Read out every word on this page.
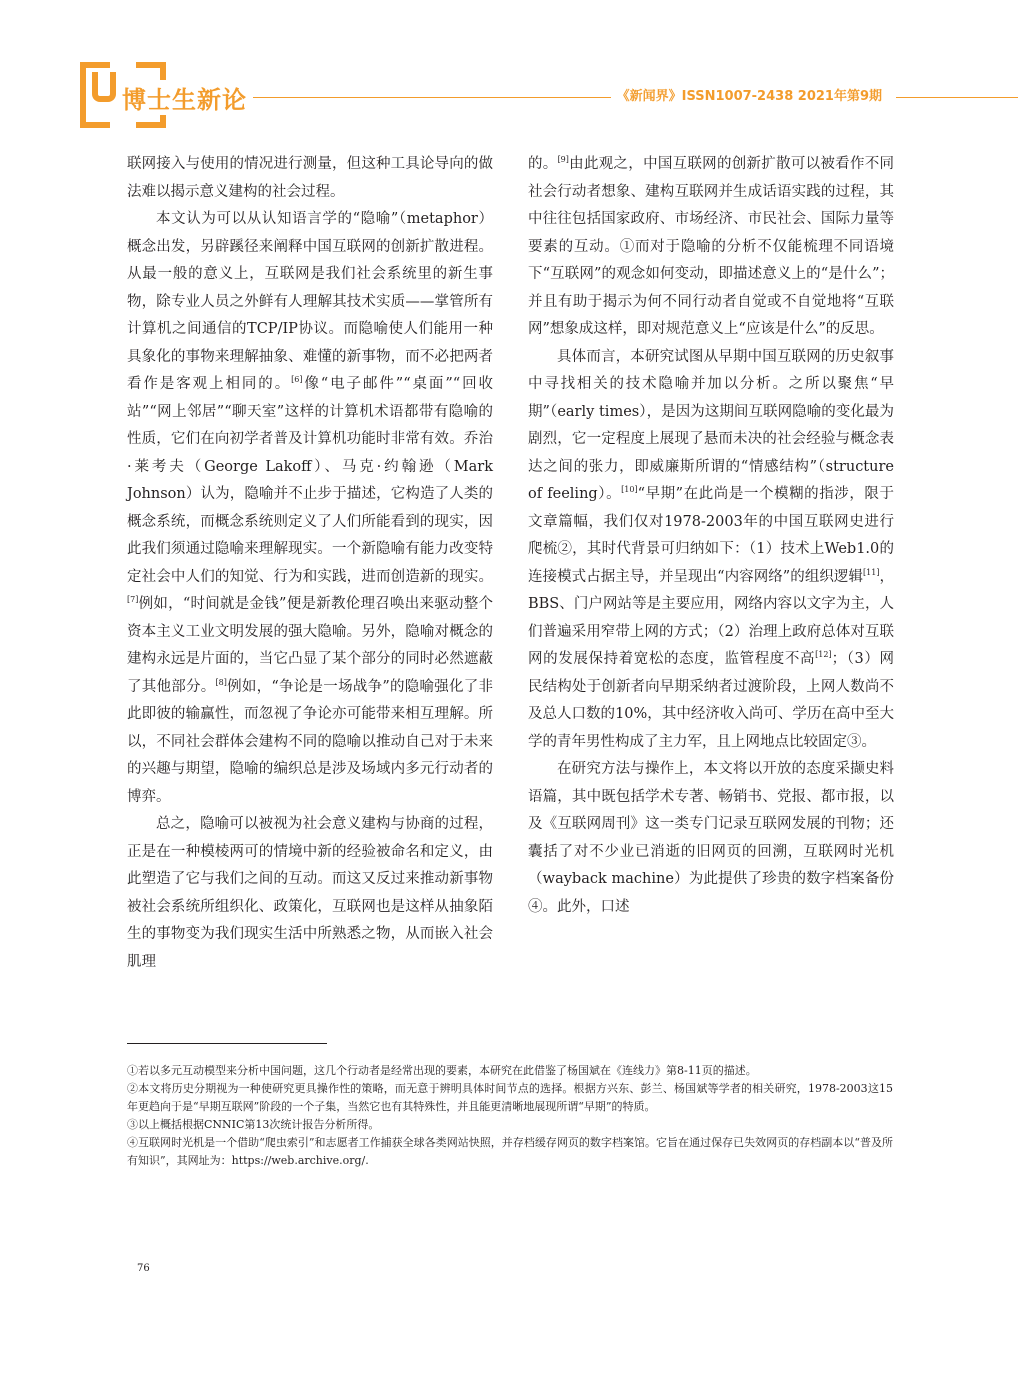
博士生新论	《新闻界》ISSN1007-2438 2021年第9期

联网接入与使用的情况进行测量，但这种工具论导向的做法难以揭示意义建构的社会过程。

本文认为可以从认知语言学的“隐喻”（metaphor）概念出发，另辟蹊径来阐释中国互联网的创新扩散进程。从最一般的意义上，互联网是我们社会系统里的新生事物，除专业人员之外鲜有人理解其技术实质——掌管所有计算机之间通信的TCP/IP协议。而隐喻使人们能用一种具象化的事物来理解抽象、难懂的新事物，而不必把两者看作是客观上相同的。[6]像“电子邮件”“桌面”“回收站”“网上邻居”“聊天室”这样的计算机术语都带有隐喻的性质，它们在向初学者普及计算机功能时非常有效。乔治·莱考夫（George Lakoff）、马克·约翰逊（Mark Johnson）认为，隐喻并不止步于描述，它构造了人类的概念系统，而概念系统则定义了人们所能看到的现实，因此我们须通过隐喻来理解现实。一个新隐喻有能力改变特定社会中人们的知觉、行为和实践，进而创造新的现实。[7]例如，“时间就是金钱”便是新教伦理召唤出来驱动整个资本主义工业文明发展的强大隐喻。另外，隐喻对概念的建构永远是片面的，当它凸显了某个部分的同时必然遮蔽了其他部分。[8]例如，“争论是一场战争”的隐喻强化了非此即彼的输赢性，而忽视了争论亦可能带来相互理解。所以，不同社会群体会建构不同的隐喻以推动自己对于未来的兴趣与期望，隐喻的编织总是涉及场域内多元行动者的博弈。

总之，隐喻可以被视为社会意义建构与协商的过程，正是在一种模棱两可的情境中新的经验被命名和定义，由此塑造了它与我们之间的互动。而这又反过来推动新事物被社会系统所组织化、政策化，互联网也是这样从抽象陌生的事物变为我们现实生活中所熟悉之物，从而嵌入社会肌理

的。[9]由此观之，中国互联网的创新扩散可以被看作不同社会行动者想象、建构互联网并生成话语实践的过程，其中往往包括国家政府、市场经济、市民社会、国际力量等要素的互动。①而对于隐喻的分析不仅能梳理不同语境下“互联网”的观念如何变动，即描述意义上的“是什么”；并且有助于揭示为何不同行动者自觉或不自觉地将“互联网”想象成这样，即对规范意义上“应该是什么”的反思。

具体而言，本研究试图从早期中国互联网的历史叙事中寻找相关的技术隐喻并加以分析。之所以聚焦“早期”（early times），是因为这期间互联网隐喻的变化最为剧烈，它一定程度上展现了悬而未决的社会经验与概念表达之间的张力，即威廉斯所谓的“情感结构”（structure of feeling）。[10]“早期”在此尚是一个模糊的指涉，限于文章篇幅，我们仅对1978-2003年的中国互联网史进行爬梳②，其时代背景可归纳如下：（1）技术上Web1.0的连接模式占据主导，并呈现出“内容网络”的组织逻辑[11]，BBS、门户网站等是主要应用，网络内容以文字为主，人们普遍采用窄带上网的方式；（2）治理上政府总体对互联网的发展保持着宽松的态度，监管程度不高[12]；（3）网民结构处于创新者向早期采纳者过渡阶段，上网人数尚不及总人口数的10%，其中经济收入尚可、学历在高中至大学的青年男性构成了主力军，且上网地点比较固定③。

在研究方法与操作上，本文将以开放的态度采撷史料语篇，其中既包括学术专著、畅销书、党报、都市报，以及《互联网周刊》这一类专门记录互联网发展的刊物；还囊括了对不少业已消逝的旧网页的回溯，互联网时光机（wayback machine）为此提供了珍贵的数字档案备份④。此外，口述

①若以多元互动模型来分析中国问题，这几个行动者是经常出现的要素，本研究在此借鉴了杨国斌在《连线力》第8-11页的描述。

②本文将历史分期视为一种使研究更具操作性的策略，而无意于辨明具体时间节点的选择。根据方兴东、彭兰、杨国斌等学者的相关研究，1978-2003这15年更趋向于是“早期互联网”阶段的一个子集，当然它也有其特殊性，并且能更清晰地展现所谓“早期”的特质。

③以上概括根据CNNIC第13次统计报告分析所得。

④互联网时光机是一个借助“爬虫索引”和志愿者工作捕获全球各类网站快照，并存档缓存网页的数字档案馆。它旨在通过保存已失效网页的存档副本以“普及所有知识”，其网址为：https://web.archive.org/.

76
